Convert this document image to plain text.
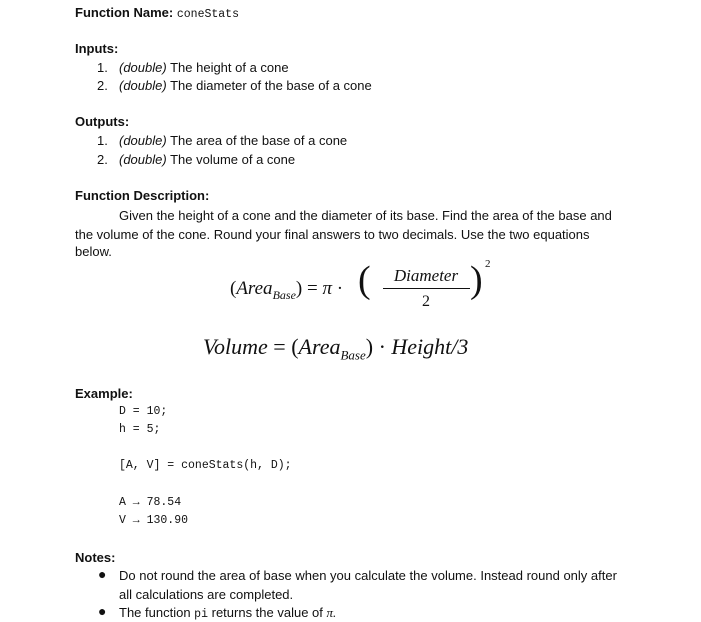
Function Name: coneStats
Inputs:
1. (double) The height of a cone
2. (double) The diameter of the base of a cone
Outputs:
1. (double) The area of the base of a cone
2. (double) The volume of a cone
Function Description:
Given the height of a cone and the diameter of its base. Find the area of the base and
the volume of the cone. Round your final answers to two decimals. Use the two equations
below.
(Area$_{Base}$) = π · (	Diameter
2
) 2
Volume = (Area$_{Base}$) · Height/3
Example:
D = 10;
h = 5;
[A, V] = coneStats(h, D);
A → 78.54
V → 130.90
Notes:
● Do not round the area of base when you calculate the volume. Instead round only after
all calculations are completed.
● The function pi returns the value of π.
